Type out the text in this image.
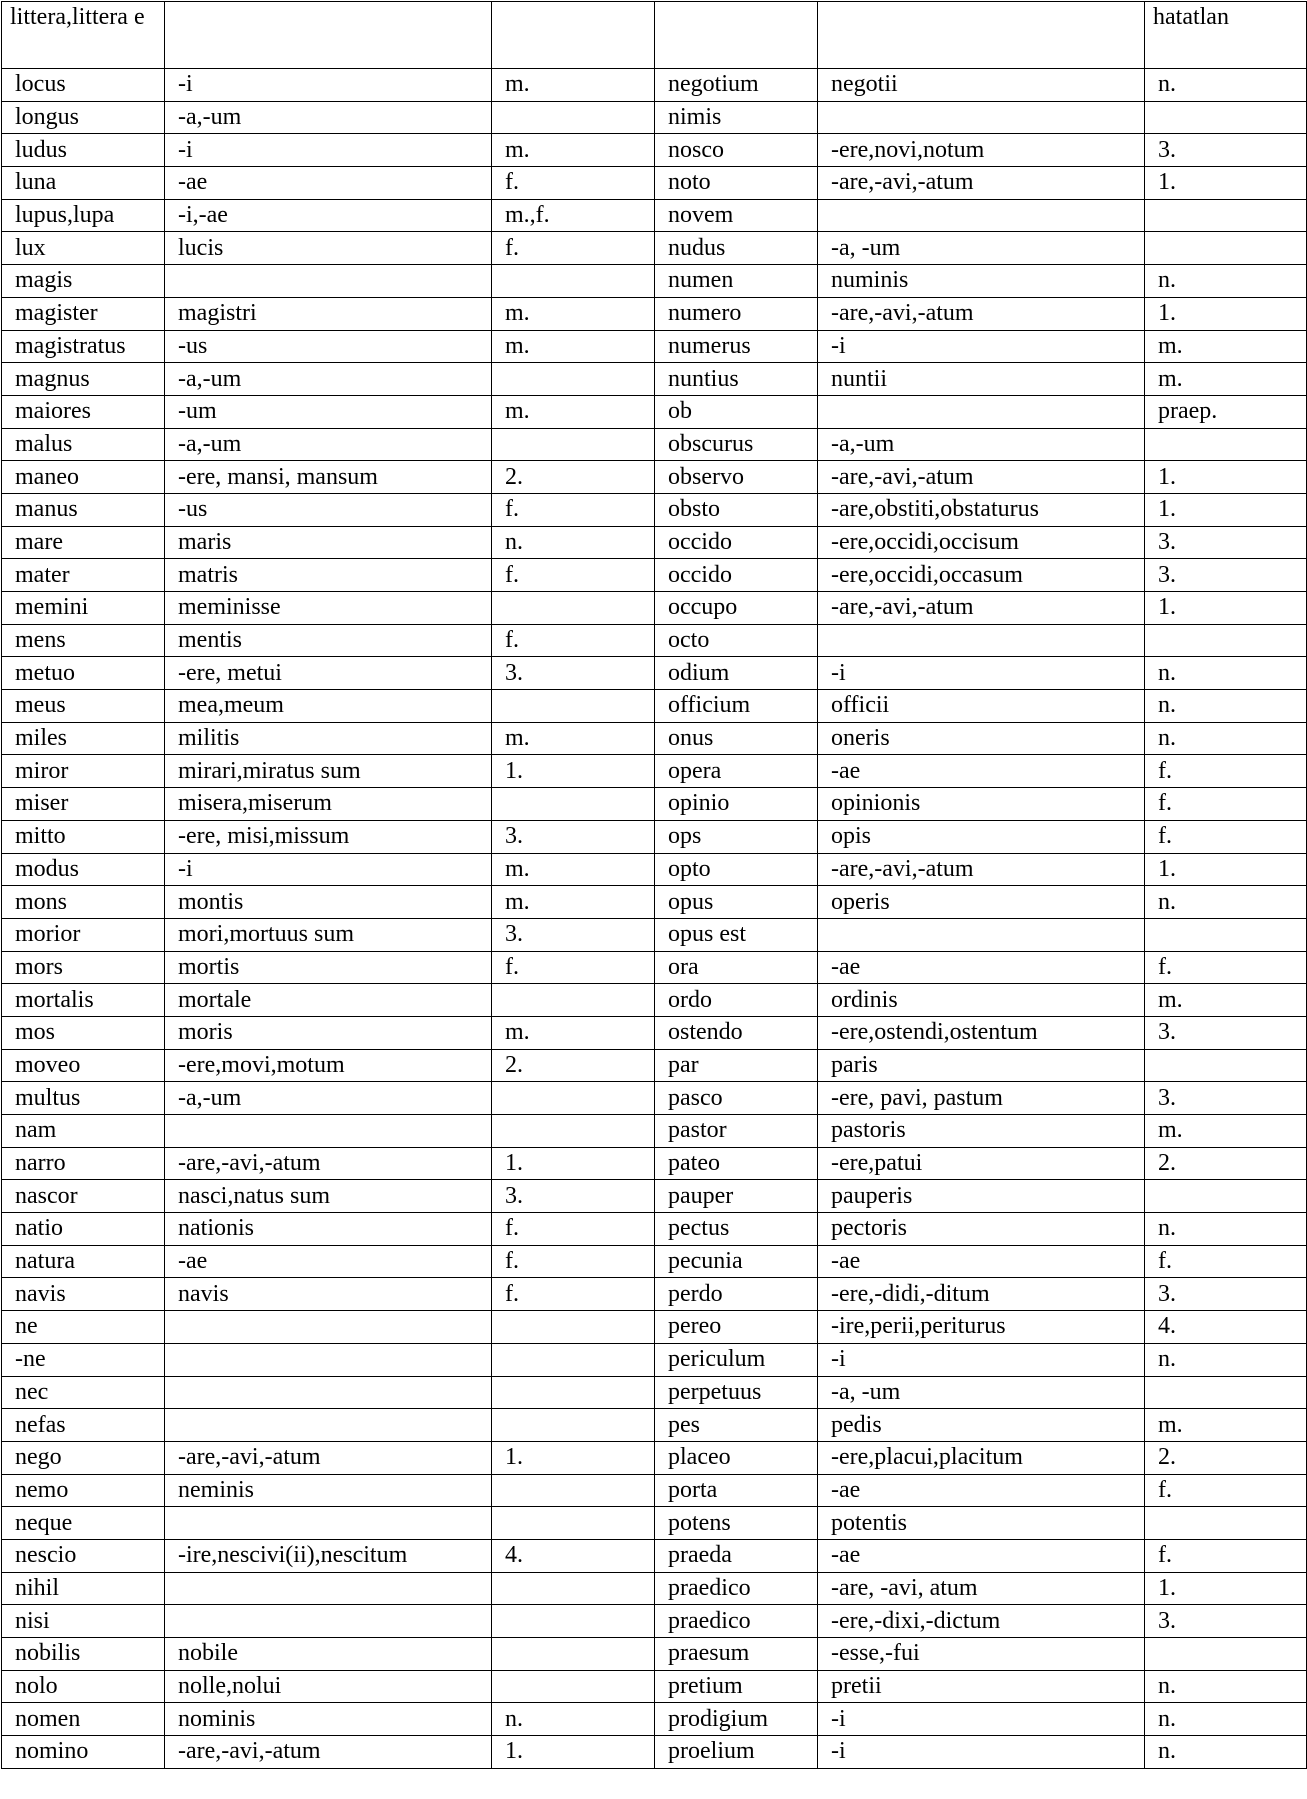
littera,littera e					hatatlan
locus	-i	m.	negotium	negotii	n.
longus	-a,-um		nimis		
ludus	-i	m.	nosco	-ere,novi,notum	3.
luna	-ae	f.	noto	-are,-avi,-atum	1.
lupus,lupa	-i,-ae	m.,f.	novem		
lux	lucis	f.	nudus	-a, -um	
magis			numen	numinis	n.
magister	magistri	m.	numero	-are,-avi,-atum	1.
magistratus	-us	m.	numerus	-i	m.
magnus	-a,-um		nuntius	nuntii	m.
maiores	-um	m.	ob		praep.
malus	-a,-um		obscurus	-a,-um	
maneo	-ere, mansi, mansum	2.	observo	-are,-avi,-atum	1.
manus	-us	f.	obsto	-are,obstiti,obstaturus	1.
mare	maris	n.	occido	-ere,occidi,occisum	3.
mater	matris	f.	occido	-ere,occidi,occasum	3.
memini	meminisse		occupo	-are,-avi,-atum	1.
mens	mentis	f.	octo		
metuo	-ere, metui	3.	odium	-i	n.
meus	mea,meum		officium	officii	n.
miles	militis	m.	onus	oneris	n.
miror	mirari,miratus sum	1.	opera	-ae	f.
miser	misera,miserum		opinio	opinionis	f.
mitto	-ere, misi,missum	3.	ops	opis	f.
modus	-i	m.	opto	-are,-avi,-atum	1.
mons	montis	m.	opus	operis	n.
morior	mori,mortuus sum	3.	opus est		
mors	mortis	f.	ora	-ae	f.
mortalis	mortale		ordo	ordinis	m.
mos	moris	m.	ostendo	-ere,ostendi,ostentum	3.
moveo	-ere,movi,motum	2.	par	paris	
multus	-a,-um		pasco	-ere, pavi, pastum	3.
nam			pastor	pastoris	m.
narro	-are,-avi,-atum	1.	pateo	-ere,patui	2.
nascor	nasci,natus sum	3.	pauper	pauperis	
natio	nationis	f.	pectus	pectoris	n.
natura	-ae	f.	pecunia	-ae	f.
navis	navis	f.	perdo	-ere,-didi,-ditum	3.
ne			pereo	-ire,perii,periturus	4.
-ne			periculum	-i	n.
nec			perpetuus	-a, -um	
nefas			pes	pedis	m.
nego	-are,-avi,-atum	1.	placeo	-ere,placui,placitum	2.
nemo	neminis		porta	-ae	f.
neque			potens	potentis	
nescio	-ire,nescivi(ii),nescitum	4.	praeda	-ae	f.
nihil			praedico	-are, -avi, atum	1.
nisi			praedico	-ere,-dixi,-dictum	3.
nobilis	nobile		praesum	-esse,-fui	
nolo	nolle,nolui		pretium	pretii	n.
nomen	nominis	n.	prodigium	-i	n.
nomino	-are,-avi,-atum	1.	proelium	-i	n.
